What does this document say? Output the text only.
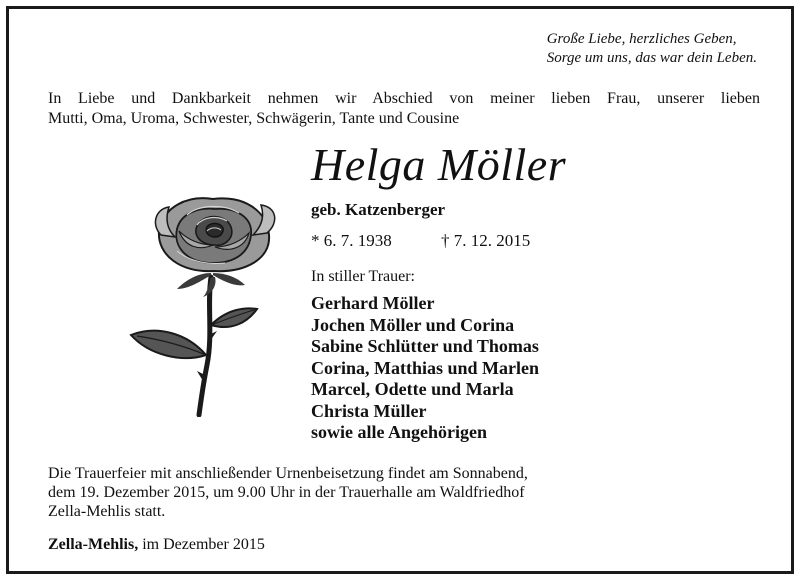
Große Liebe, herzliches Geben,
Sorge um uns, das war dein Leben.
In Liebe und Dankbarkeit nehmen wir Abschied von meiner lieben Frau, unserer lieben
Mutti, Oma, Uroma, Schwester, Schwägerin, Tante und Cousine
Helga Möller
geb. Katzenberger
* 6. 7. 1938	† 7. 12. 2015
In stiller Trauer:
Gerhard Möller
Jochen Möller und Corina
Sabine Schlütter und Thomas
Corina, Matthias und Marlen
Marcel, Odette und Marla
Christa Müller
sowie alle Angehörigen
Die Trauerfeier mit anschließender Urnenbeisetzung findet am Sonnabend,
dem 19. Dezember 2015, um 9.00 Uhr in der Trauerhalle am Waldfriedhof
Zella-Mehlis statt.
Zella-Mehlis, im Dezember 2015
